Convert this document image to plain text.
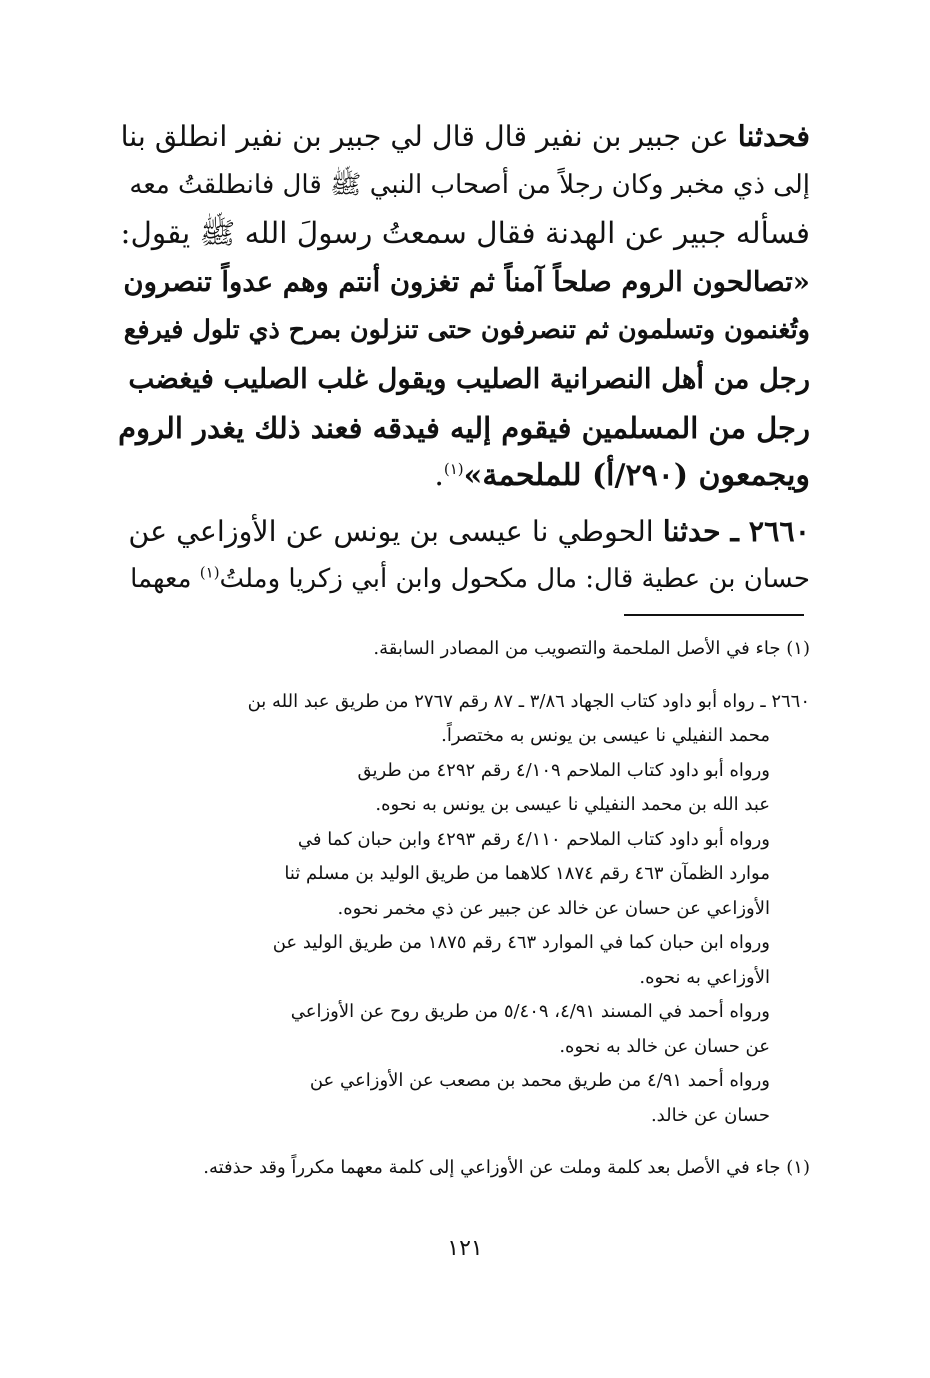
فحدثنا عن جبير بن نفير قال قال لي جبير بن نفير انطلق بنا
إلى ذي مخبر وكان رجلاً من أصحاب النبي ﷺ قال فانطلقتُ معه
فسأله جبير عن الهدنة فقال سمعتُ رسولَ الله ﷺ يقول:
«تصالحون الروم صلحاً آمناً ثم تغزون أنتم وهم عدواً تنصرون
وتُغنمون وتسلمون ثم تنصرفون حتى تنزلون بمرح ذي تلول فيرفع
رجل من أهل النصرانية الصليب ويقول غلب الصليب فيغضب
رجل من المسلمين فيقوم إليه فيدقه فعند ذلك يغدر الروم
ويجمعون (٢٩٠/أ) للملحمة»$^{(١)}$.
٢٦٦٠ ـ حدثنا الحوطي نا عيسى بن يونس عن الأوزاعي عن
حسان بن عطية قال: مال مكحول وابن أبي زكريا وملتُ$^{(١)}$ معهما
(١) جاء في الأصل الملحمة والتصويب من المصادر السابقة.
٢٦٦٠ ـ رواه أبو داود كتاب الجهاد ٣/٨٦ ـ ٨٧ رقم ٢٧٦٧ من طريق عبد الله بن
محمد النفيلي نا عيسى بن يونس به مختصراً.
ورواه أبو داود كتاب الملاحم ٤/١٠٩ رقم ٤٢٩٢ من طريق
عبد الله بن محمد النفيلي نا عيسى بن يونس به نحوه.
ورواه أبو داود كتاب الملاحم ٤/١١٠ رقم ٤٢٩٣ وابن حبان كما في
موارد الظمآن ٤٦٣ رقم ١٨٧٤ كلاهما من طريق الوليد بن مسلم ثنا
الأوزاعي عن حسان عن خالد عن جبير عن ذي مخمر نحوه.
ورواه ابن حبان كما في الموارد ٤٦٣ رقم ١٨٧٥ من طريق الوليد عن
الأوزاعي به نحوه.
ورواه أحمد في المسند ٤/٩١، ٥/٤٠٩ من طريق روح عن الأوزاعي
عن حسان عن خالد به نحوه.
ورواه أحمد ٤/٩١ من طريق محمد بن مصعب عن الأوزاعي عن
حسان عن خالد.
(١) جاء في الأصل بعد كلمة وملت عن الأوزاعي إلى كلمة معهما مكرراً وقد حذفته.
١٢١
